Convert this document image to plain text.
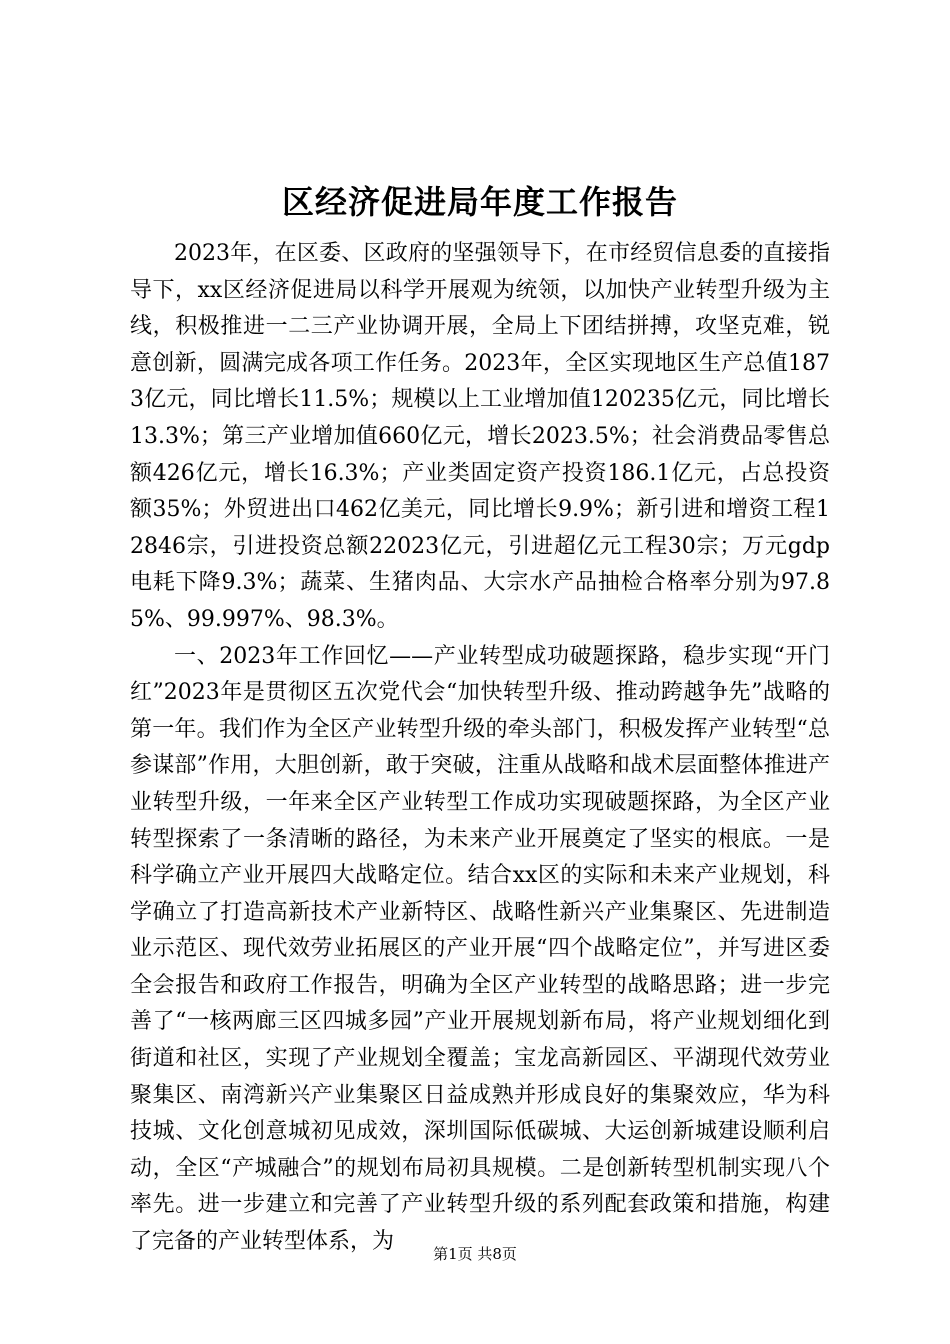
区经济促进局年度工作报告

2023年，在区委、区政府的坚强领导下，在市经贸信息委的直接指导下，xx区经济促进局以科学开展观为统领，以加快产业转型升级为主线，积极推进一二三产业协调开展，全局上下团结拼搏，攻坚克难，锐意创新，圆满完成各项工作任务。2023年，全区实现地区生产总值1873亿元，同比增长11.5%；规模以上工业增加值120235亿元，同比增长13.3%；第三产业增加值660亿元，增长2023.5%；社会消费品零售总额426亿元，增长16.3%；产业类固定资产投资186.1亿元，占总投资额35%；外贸进出口462亿美元，同比增长9.9%；新引进和增资工程12846宗，引进投资总额22023亿元，引进超亿元工程30宗；万元gdp电耗下降9.3%；蔬菜、生猪肉品、大宗水产品抽检合格率分别为97.85%、99.997%、98.3%。

一、2023年工作回忆——产业转型成功破题探路，稳步实现“开门红”2023年是贯彻区五次党代会“加快转型升级、推动跨越争先”战略的第一年。我们作为全区产业转型升级的牵头部门，积极发挥产业转型“总参谋部”作用，大胆创新，敢于突破，注重从战略和战术层面整体推进产业转型升级，一年来全区产业转型工作成功实现破题探路，为全区产业转型探索了一条清晰的路径，为未来产业开展奠定了坚实的根底。一是科学确立产业开展四大战略定位。结合xx区的实际和未来产业规划，科学确立了打造高新技术产业新特区、战略性新兴产业集聚区、先进制造业示范区、现代效劳业拓展区的产业开展“四个战略定位”，并写进区委全会报告和政府工作报告，明确为全区产业转型的战略思路；进一步完善了“一核两廊三区四城多园”产业开展规划新布局，将产业规划细化到街道和社区，实现了产业规划全覆盖；宝龙高新园区、平湖现代效劳业聚集区、南湾新兴产业集聚区日益成熟并形成良好的集聚效应，华为科技城、文化创意城初见成效，深圳国际低碳城、大运创新城建设顺利启动，全区“产城融合”的规划布局初具规模。二是创新转型机制实现八个率先。进一步建立和完善了产业转型升级的系列配套政策和措施，构建了完备的产业转型体系，为	第1页 共8页
